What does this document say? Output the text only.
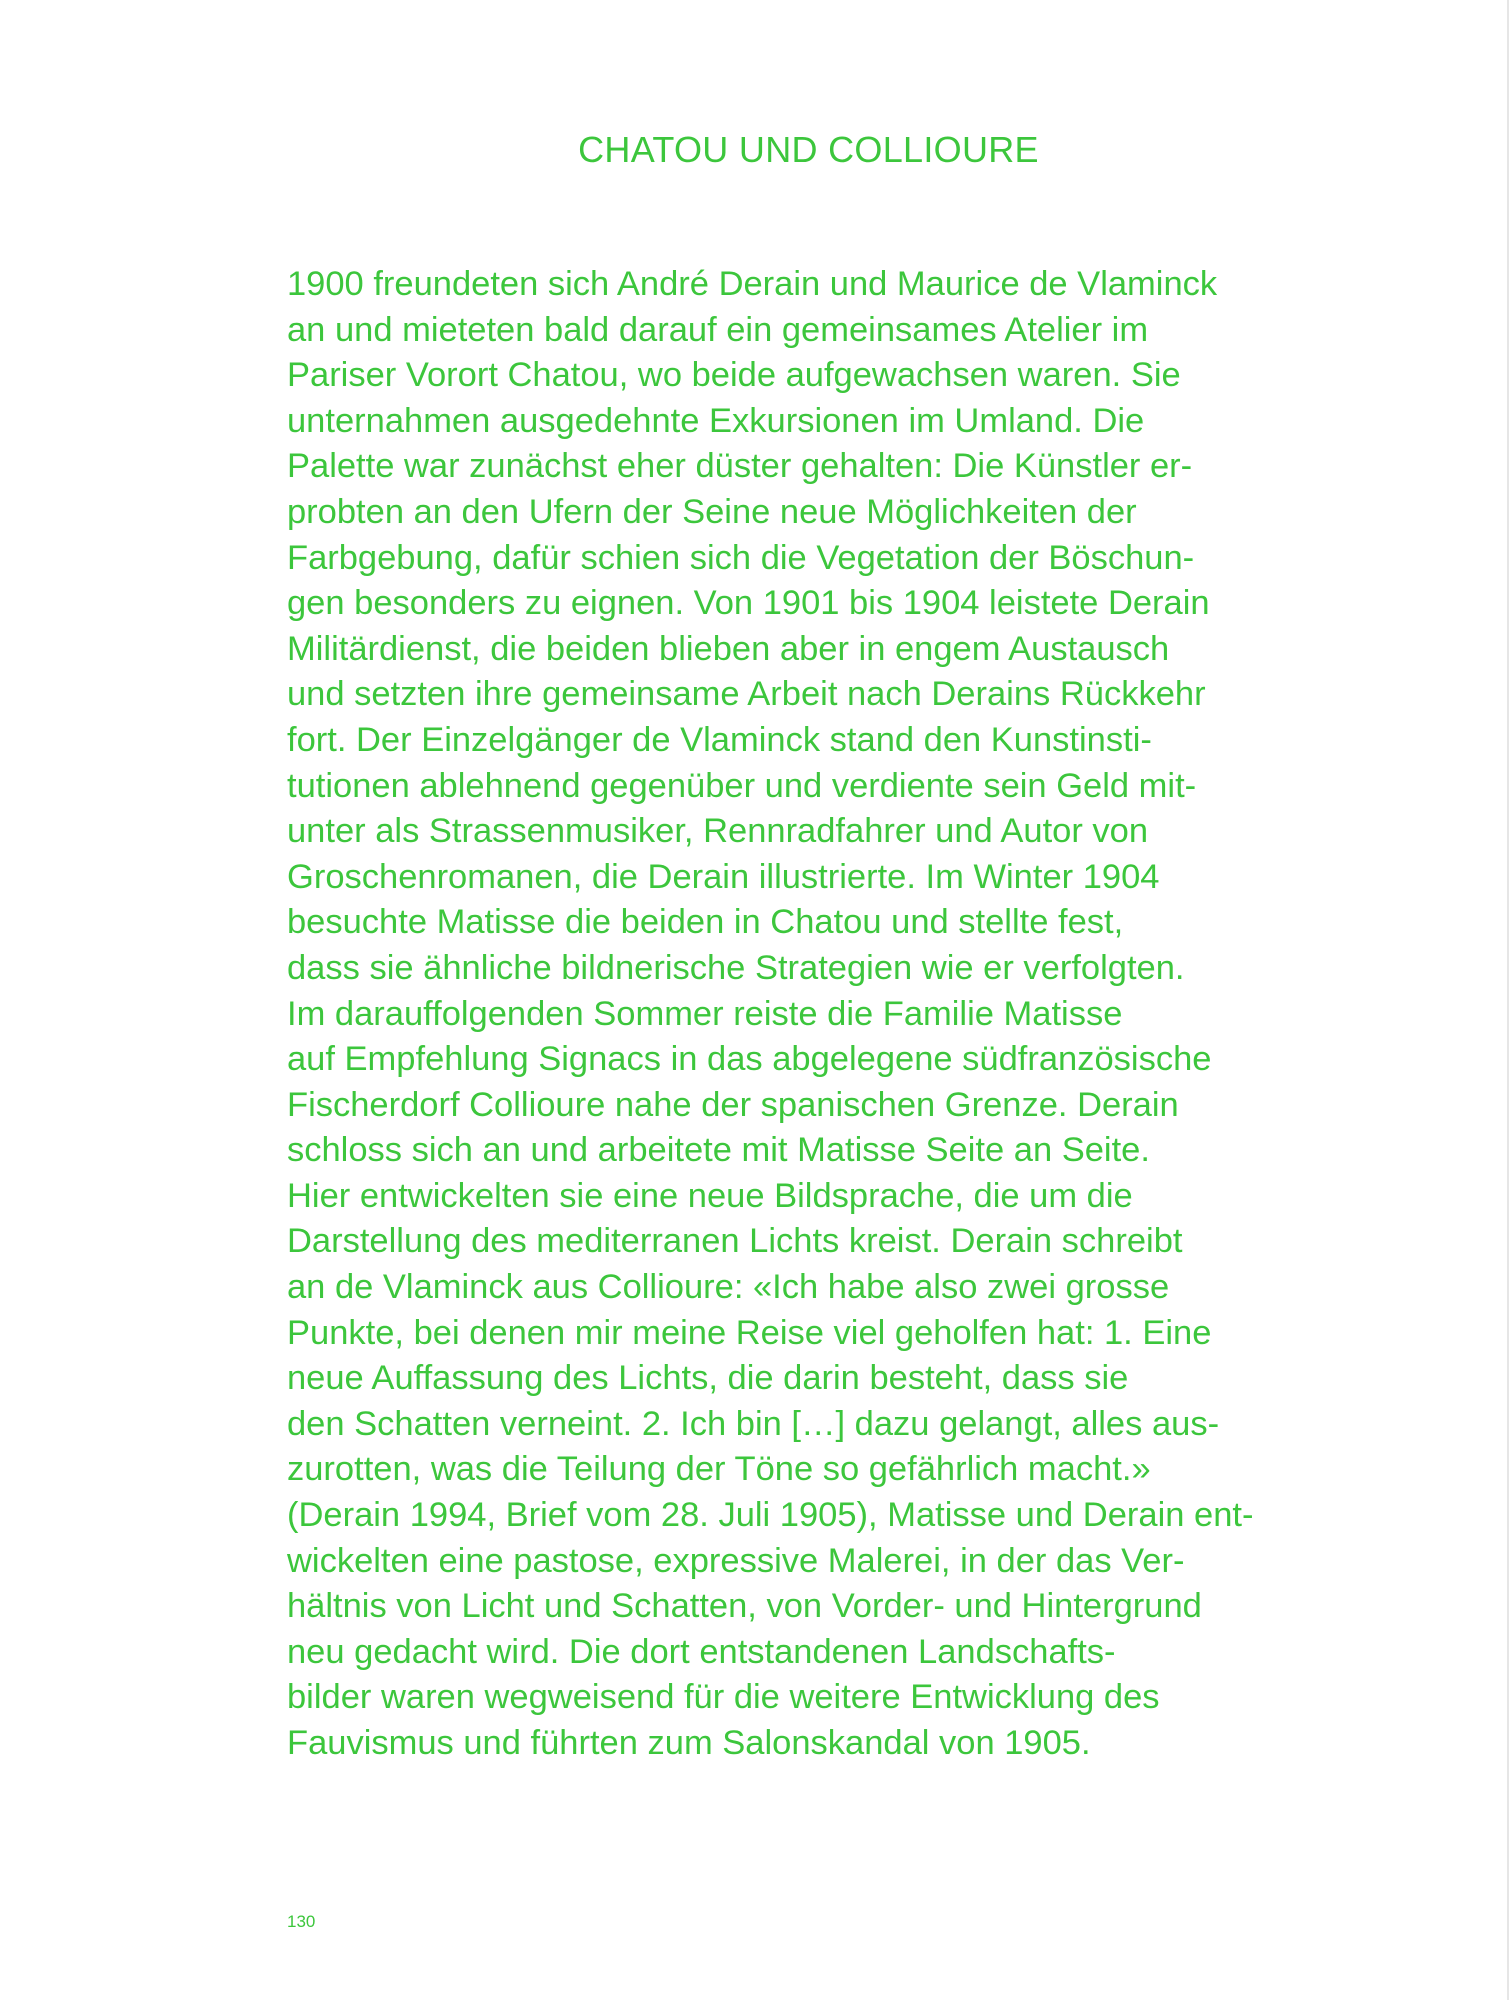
CHATOU UND COLLIOURE
1900 freundeten sich André Derain und Maurice de Vlaminck
an und mieteten bald darauf ein gemeinsames Atelier im
Pariser Vorort Chatou, wo beide aufgewachsen waren. Sie
unternahmen ausgedehnte Exkursionen im Umland. Die
Palette war zunächst eher düster gehalten: Die Künstler er-
probten an den Ufern der Seine neue Möglichkeiten der
Farbgebung, dafür schien sich die Vegetation der Böschun-
gen besonders zu eignen. Von 1901 bis 1904 leistete Derain
Militärdienst, die beiden blieben aber in engem Austausch
und setzten ihre gemeinsame Arbeit nach Derains Rückkehr
fort. Der Einzelgänger de Vlaminck stand den Kunstinsti-
tutionen ablehnend gegenüber und verdiente sein Geld mit-
unter als Strassenmusiker, Rennradfahrer und Autor von
Groschenromanen, die Derain illustrierte. Im Winter 1904
besuchte Matisse die beiden in Chatou und stellte fest,
dass sie ähnliche bildnerische Strategien wie er verfolgten.
Im darauffolgenden Sommer reiste die Familie Matisse
auf Empfehlung Signacs in das abgelegene südfranzösische
Fischerdorf Collioure nahe der spanischen Grenze. Derain
schloss sich an und arbeitete mit Matisse Seite an Seite.
Hier entwickelten sie eine neue Bildsprache, die um die
Darstellung des mediterranen Lichts kreist. Derain schreibt
an de Vlaminck aus Collioure: «Ich habe also zwei grosse
Punkte, bei denen mir meine Reise viel geholfen hat: 1. Eine
neue Auffassung des Lichts, die darin besteht, dass sie
den Schatten verneint. 2. Ich bin […] dazu gelangt, alles aus-
zurotten, was die Teilung der Töne so gefährlich macht.»
(Derain 1994, Brief vom 28. Juli 1905), Matisse und Derain ent-
wickelten eine pastose, expressive Malerei, in der das Ver-
hältnis von Licht und Schatten, von Vorder- und Hintergrund
neu gedacht wird. Die dort entstandenen Landschafts-
bilder waren wegweisend für die weitere Entwicklung des
Fauvismus und führten zum Salonskandal von 1905.
130
